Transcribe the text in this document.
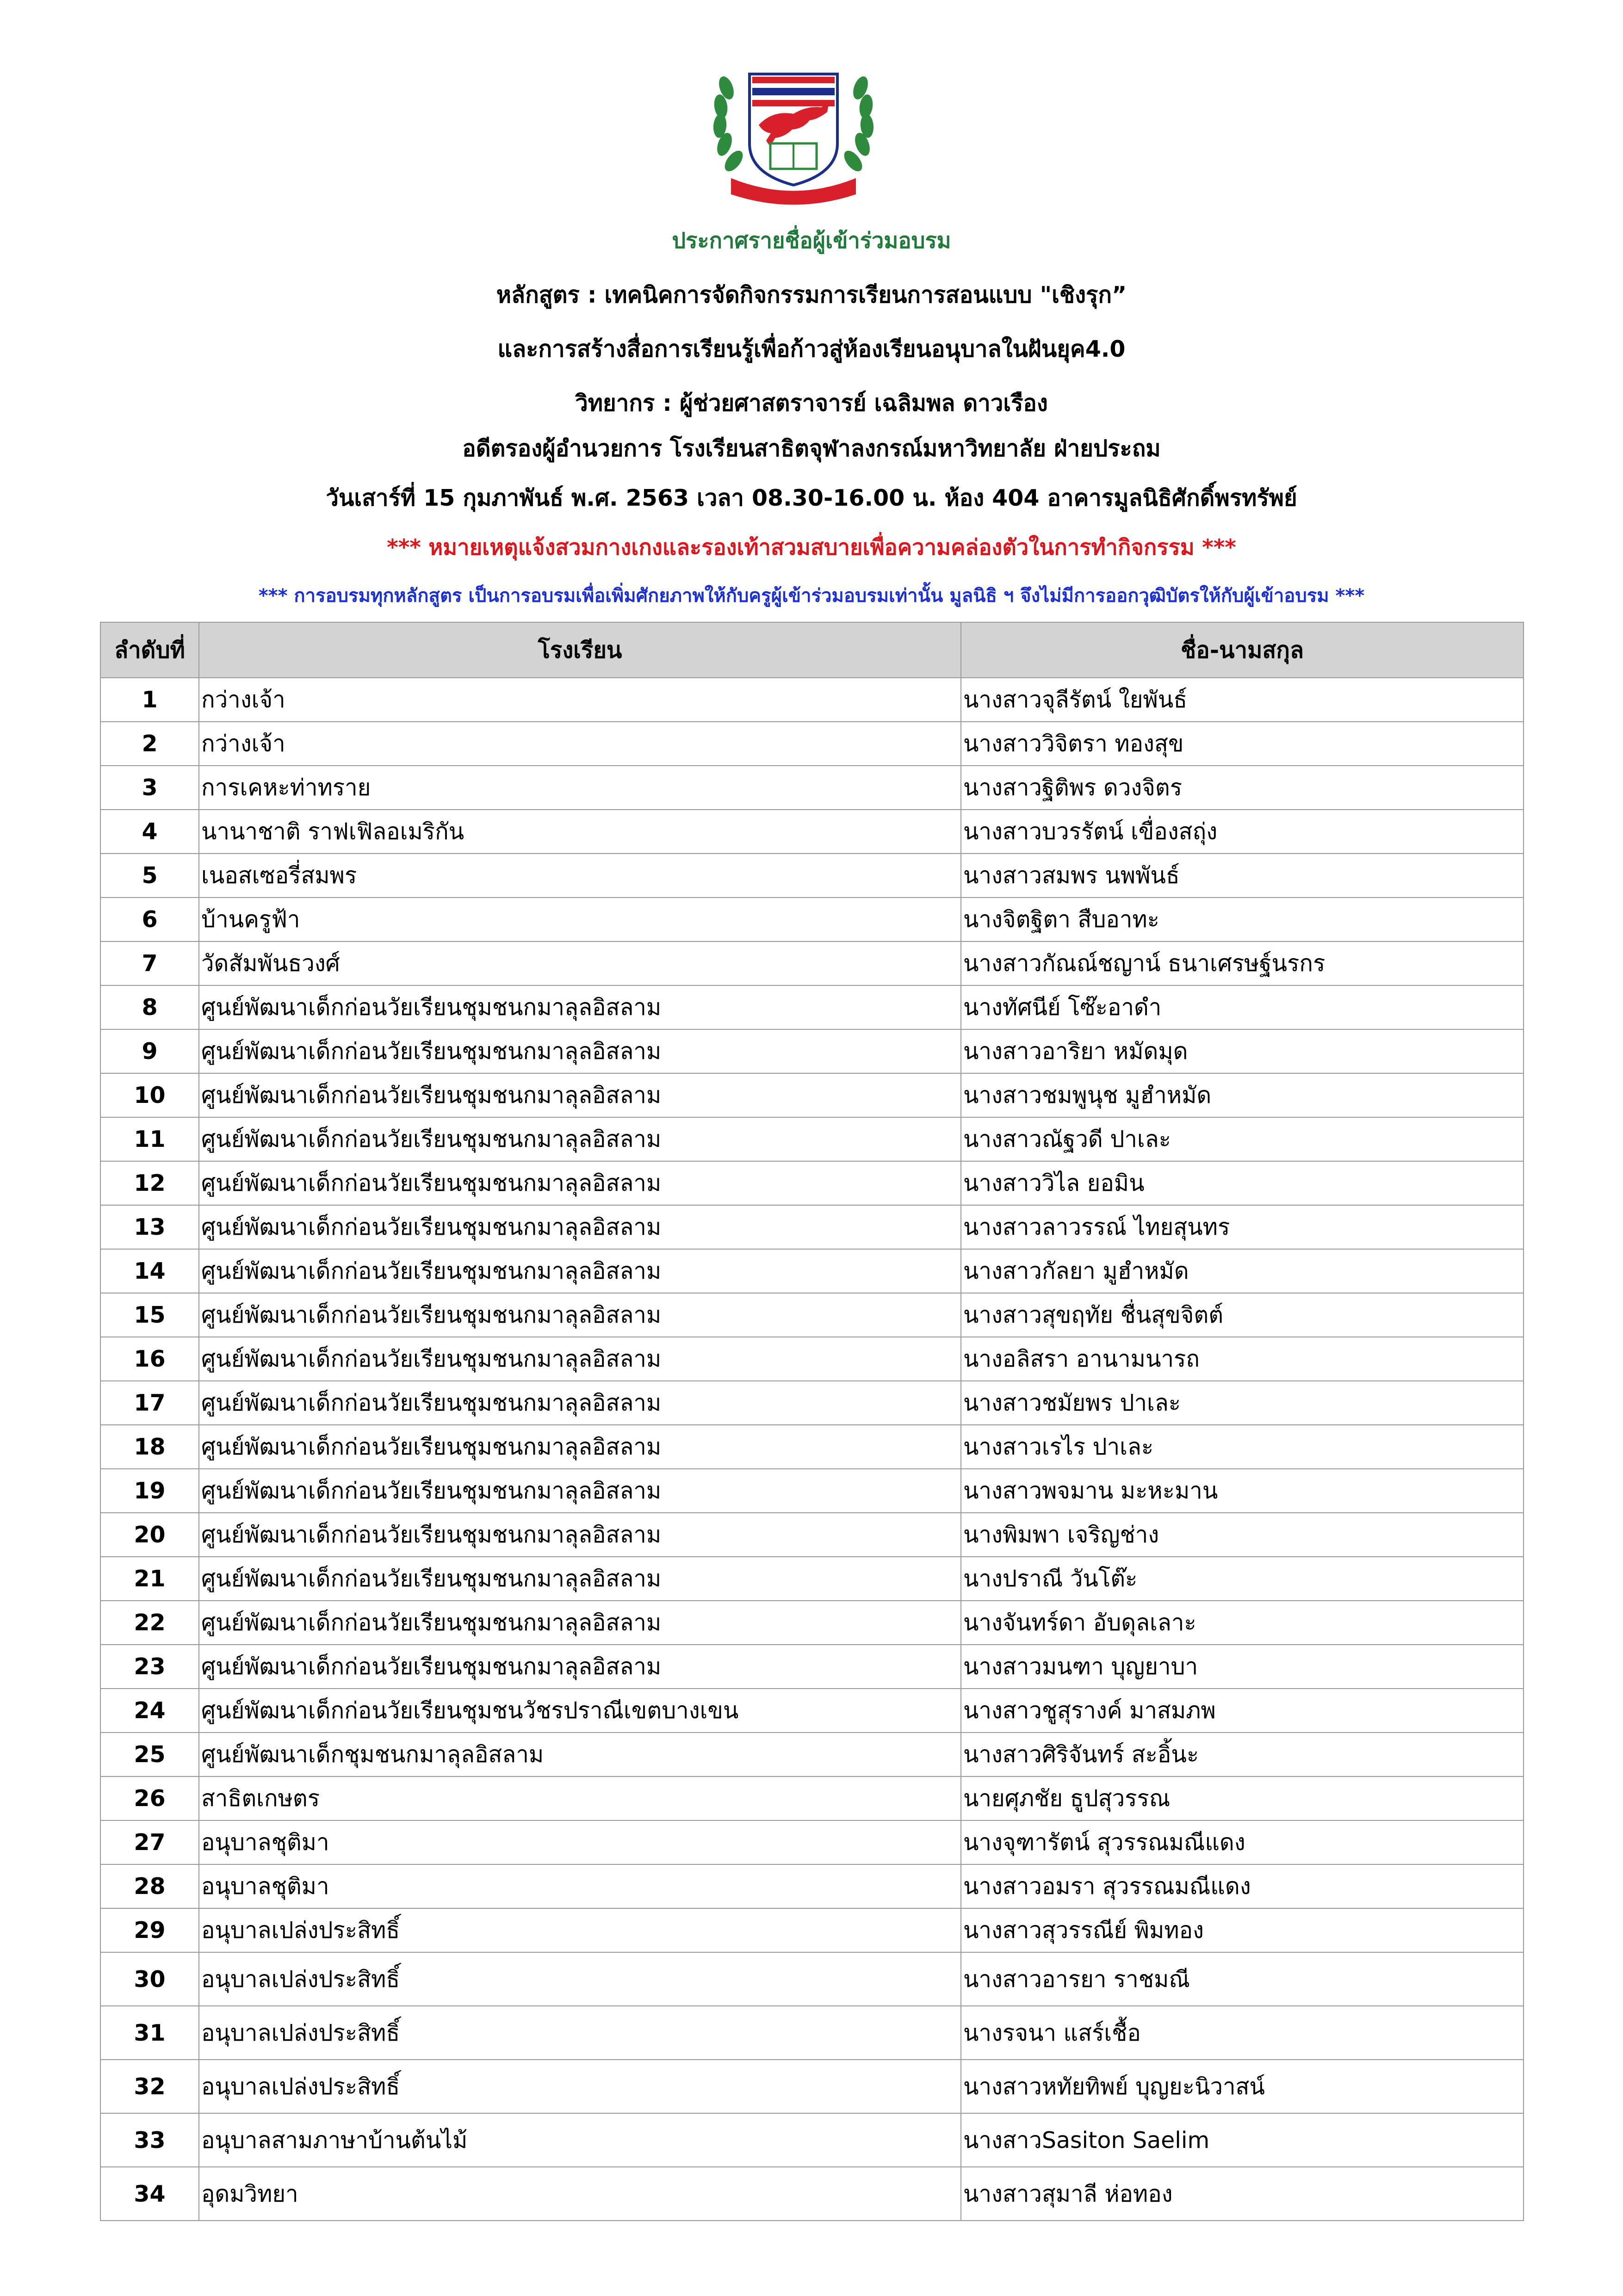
ประกาศรายชื่อผู้เข้าร่วมอบรม
หลักสูตร : เทคนิคการจัดกิจกรรมการเรียนการสอนแบบ "เชิงรุก”
และการสร้างสื่อการเรียนรู้เพื่อก้าวสู่ห้องเรียนอนุบาลในฝันยุค4.0
วิทยากร : ผู้ช่วยศาสตราจารย์ เฉลิมพล ดาวเรือง
อดีตรองผู้อำนวยการ โรงเรียนสาธิตจุฬาลงกรณ์มหาวิทยาลัย ฝ่ายประถม
วันเสาร์ที่ 15 กุมภาพันธ์ พ.ศ. 2563 เวลา 08.30-16.00 น. ห้อง 404 อาคารมูลนิธิศักดิ์พรทรัพย์
*** หมายเหตุแจ้งสวมกางเกงและรองเท้าสวมสบายเพื่อความคล่องตัวในการทำกิจกรรม ***
*** การอบรมทุกหลักสูตร เป็นการอบรมเพื่อเพิ่มศักยภาพให้กับครูผู้เข้าร่วมอบรมเท่านั้น มูลนิธิ ฯ จึงไม่มีการออกวุฒิบัตรให้กับผู้เข้าอบรม ***
ลำดับที่	โรงเรียน	ชื่อ-นามสกุล
1	กว่างเจ้า	นางสาวจุลีรัตน์ ใยพันธ์
2	กว่างเจ้า	นางสาววิจิตรา ทองสุข
3	การเคหะท่าทราย	นางสาวฐิติพร ดวงจิตร
4	นานาชาติ ราฟเฟิลอเมริกัน	นางสาวบวรรัตน์ เขื่องสถุ่ง
5	เนอสเซอรี่สมพร	นางสาวสมพร นพพันธ์
6	บ้านครูฟ้า	นางจิตฐิตา สืบอาทะ
7	วัดสัมพันธวงศ์	นางสาวกัณณ์ชญาน์ ธนาเศรษฐ์นรกร
8	ศูนย์พัฒนาเด็กก่อนวัยเรียนชุมชนกมาลุลอิสลาม	นางทัศนีย์ โซ๊ะอาดำ
9	ศูนย์พัฒนาเด็กก่อนวัยเรียนชุมชนกมาลุลอิสลาม	นางสาวอาริยา หมัดมุด
10	ศูนย์พัฒนาเด็กก่อนวัยเรียนชุมชนกมาลุลอิสลาม	นางสาวชมพูนุช มูฮำหมัด
11	ศูนย์พัฒนาเด็กก่อนวัยเรียนชุมชนกมาลุลอิสลาม	นางสาวณัฐวดี ปาเละ
12	ศูนย์พัฒนาเด็กก่อนวัยเรียนชุมชนกมาลุลอิสลาม	นางสาววิไล ยอมิน
13	ศูนย์พัฒนาเด็กก่อนวัยเรียนชุมชนกมาลุลอิสลาม	นางสาวลาวรรณ์ ไทยสุนทร
14	ศูนย์พัฒนาเด็กก่อนวัยเรียนชุมชนกมาลุลอิสลาม	นางสาวกัลยา มูฮำหมัด
15	ศูนย์พัฒนาเด็กก่อนวัยเรียนชุมชนกมาลุลอิสลาม	นางสาวสุขฤทัย ชื่นสุขจิตต์
16	ศูนย์พัฒนาเด็กก่อนวัยเรียนชุมชนกมาลุลอิสลาม	นางอลิสรา อานามนารถ
17	ศูนย์พัฒนาเด็กก่อนวัยเรียนชุมชนกมาลุลอิสลาม	นางสาวชมัยพร ปาเละ
18	ศูนย์พัฒนาเด็กก่อนวัยเรียนชุมชนกมาลุลอิสลาม	นางสาวเรไร ปาเละ
19	ศูนย์พัฒนาเด็กก่อนวัยเรียนชุมชนกมาลุลอิสลาม	นางสาวพจมาน มะหะมาน
20	ศูนย์พัฒนาเด็กก่อนวัยเรียนชุมชนกมาลุลอิสลาม	นางพิมพา เจริญช่าง
21	ศูนย์พัฒนาเด็กก่อนวัยเรียนชุมชนกมาลุลอิสลาม	นางปราณี วันโต๊ะ
22	ศูนย์พัฒนาเด็กก่อนวัยเรียนชุมชนกมาลุลอิสลาม	นางจันทร์ดา อับดุลเลาะ
23	ศูนย์พัฒนาเด็กก่อนวัยเรียนชุมชนกมาลุลอิสลาม	นางสาวมนฑา บุญยาบา
24	ศูนย์พัฒนาเด็กก่อนวัยเรียนชุมชนวัชรปราณีเขตบางเขน	นางสาวชูสุรางค์ มาสมภพ
25	ศูนย์พัฒนาเด็กชุมชนกมาลุลอิสลาม	นางสาวศิริจันทร์ สะอิ้นะ
26	สาธิตเกษตร	นายศุภชัย ธูปสุวรรณ
27	อนุบาลชุติมา	นางจุฑารัตน์ สุวรรณมณีแดง
28	อนุบาลชุติมา	นางสาวอมรา สุวรรณมณีแดง
29	อนุบาลเปล่งประสิทธิ์	นางสาวสุวรรณีย์ พิมทอง
30	อนุบาลเปล่งประสิทธิ์	นางสาวอารยา ราชมณี
31	อนุบาลเปล่งประสิทธิ์	นางรจนา แสร์เชื้อ
32	อนุบาลเปล่งประสิทธิ์	นางสาวหทัยทิพย์ บุญยะนิวาสน์
33	อนุบาลสามภาษาบ้านต้นไม้	นางสาวSasiton Saelim
34	อุดมวิทยา	นางสาวสุมาลี ห่อทอง
